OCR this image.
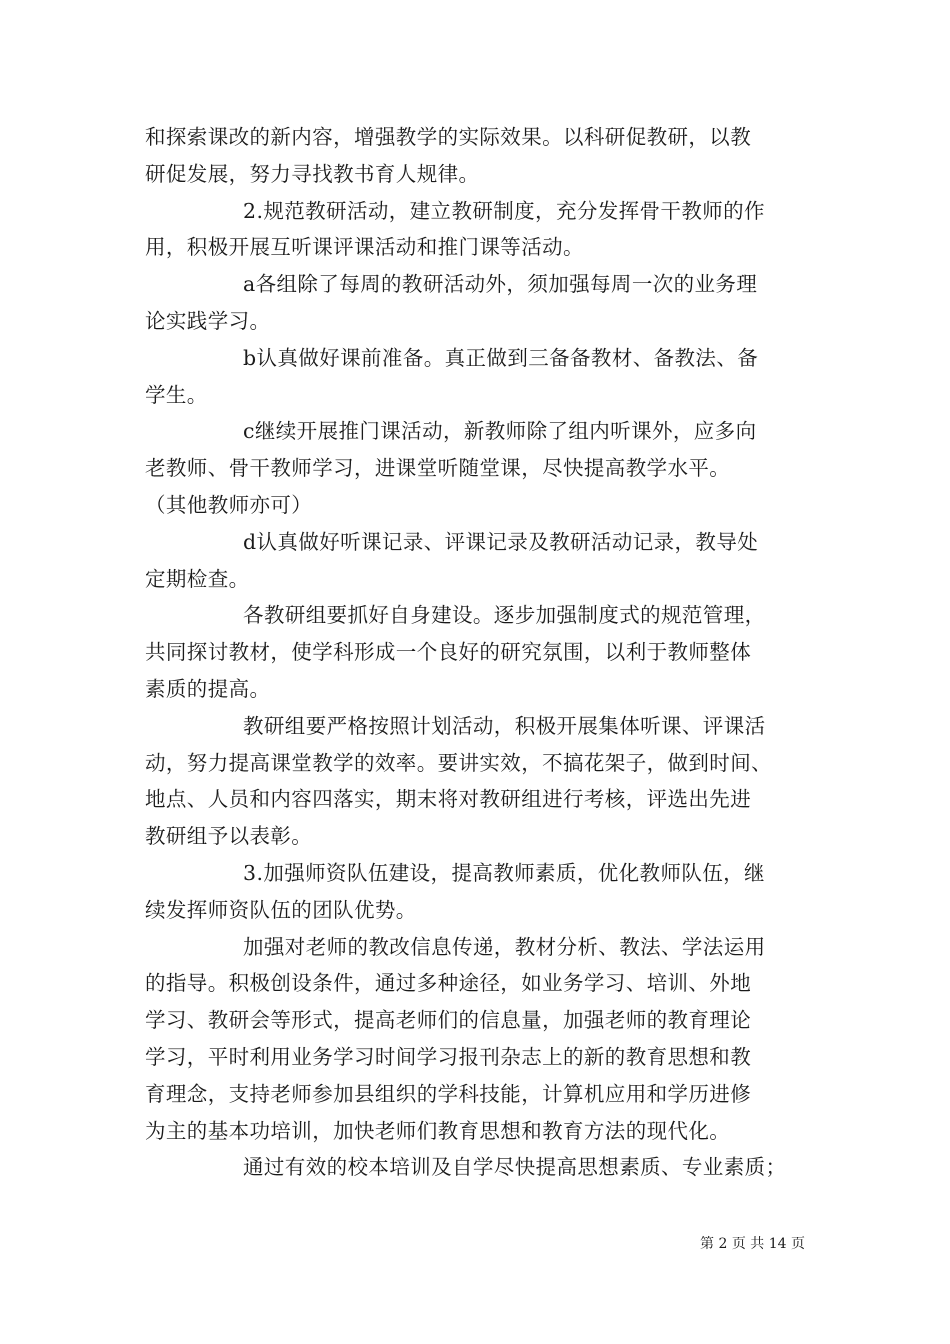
和探索课改的新内容，增强教学的实际效果。以科研促教研，以教
研促发展，努力寻找教书育人规律。

2.规范教研活动，建立教研制度，充分发挥骨干教师的作
用，积极开展互听课评课活动和推门课等活动。

a各组除了每周的教研活动外，须加强每周一次的业务理
论实践学习。

b认真做好课前准备。真正做到三备备教材、备教法、备
学生。

c继续开展推门课活动，新教师除了组内听课外，应多向
老教师、骨干教师学习，进课堂听随堂课，尽快提高教学水平。
（其他教师亦可）

d认真做好听课记录、评课记录及教研活动记录，教导处
定期检查。

各教研组要抓好自身建设。逐步加强制度式的规范管理，
共同探讨教材，使学科形成一个良好的研究氛围，以利于教师整体
素质的提高。

教研组要严格按照计划活动，积极开展集体听课、评课活
动，努力提高课堂教学的效率。要讲实效，不搞花架子，做到时间、
地点、人员和内容四落实，期末将对教研组进行考核，评选出先进
教研组予以表彰。

3.加强师资队伍建设，提高教师素质，优化教师队伍，继
续发挥师资队伍的团队优势。

加强对老师的教改信息传递，教材分析、教法、学法运用
的指导。积极创设条件，通过多种途径，如业务学习、培训、外地
学习、教研会等形式，提高老师们的信息量，加强老师的教育理论
学习，平时利用业务学习时间学习报刊杂志上的新的教育思想和教
育理念，支持老师参加县组织的学科技能，计算机应用和学历进修
为主的基本功培训，加快老师们教育思想和教育方法的现代化。

通过有效的校本培训及自学尽快提高思想素质、专业素质；

第 2 页 共 14 页
